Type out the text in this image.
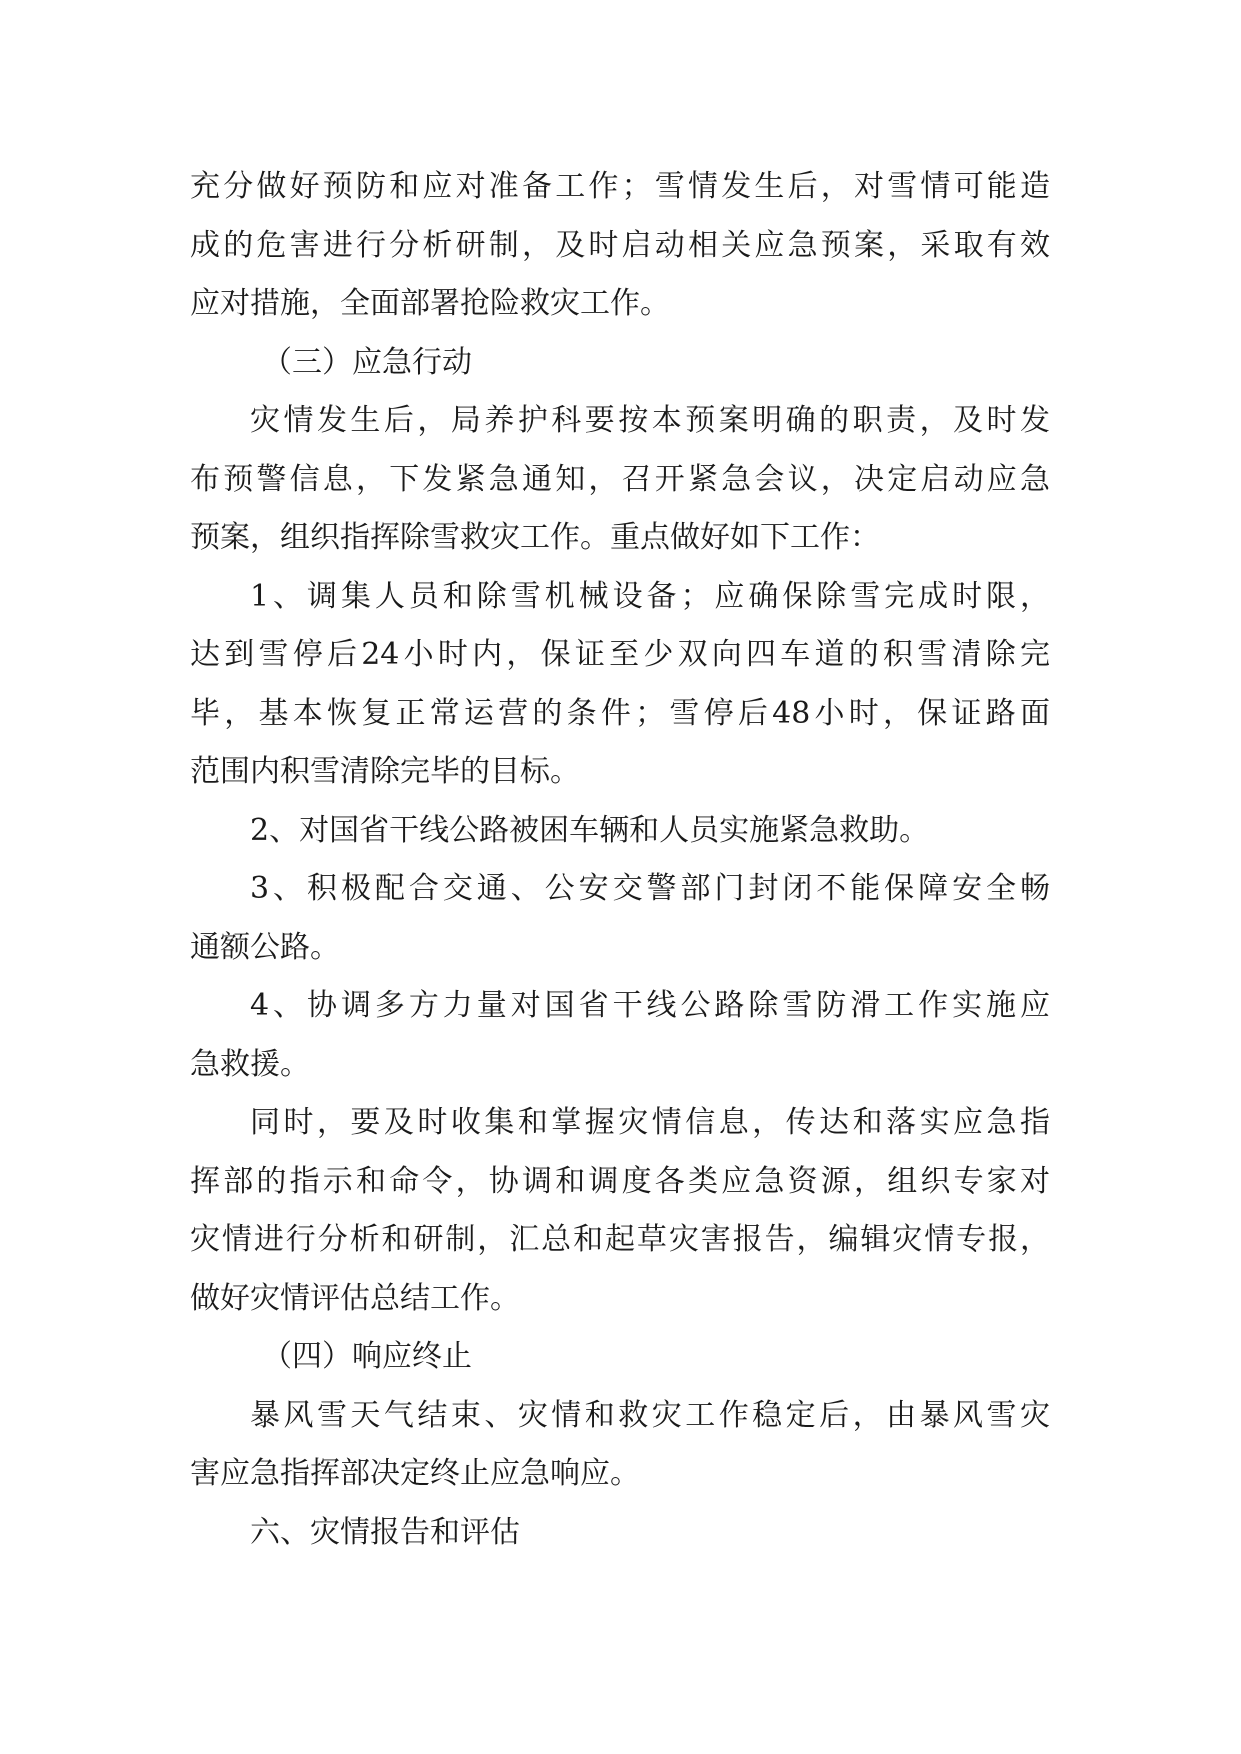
充分做好预防和应对准备工作；雪情发生后，对雪情可能造
成的危害进行分析研制，及时启动相关应急预案，采取有效
应对措施，全面部署抢险救灾工作。
（三）应急行动
灾情发生后，局养护科要按本预案明确的职责，及时发
布预警信息，下发紧急通知，召开紧急会议，决定启动应急
预案，组织指挥除雪救灾工作。重点做好如下工作：
1、调集人员和除雪机械设备；应确保除雪完成时限，
达到雪停后24小时内，保证至少双向四车道的积雪清除完
毕，基本恢复正常运营的条件；雪停后48小时，保证路面
范围内积雪清除完毕的目标。
2、对国省干线公路被困车辆和人员实施紧急救助。
3、积极配合交通、公安交警部门封闭不能保障安全畅
通额公路。
4、协调多方力量对国省干线公路除雪防滑工作实施应
急救援。
同时，要及时收集和掌握灾情信息，传达和落实应急指
挥部的指示和命令，协调和调度各类应急资源，组织专家对
灾情进行分析和研制，汇总和起草灾害报告，编辑灾情专报，
做好灾情评估总结工作。
（四）响应终止
暴风雪天气结束、灾情和救灾工作稳定后，由暴风雪灾
害应急指挥部决定终止应急响应。
六、灾情报告和评估
